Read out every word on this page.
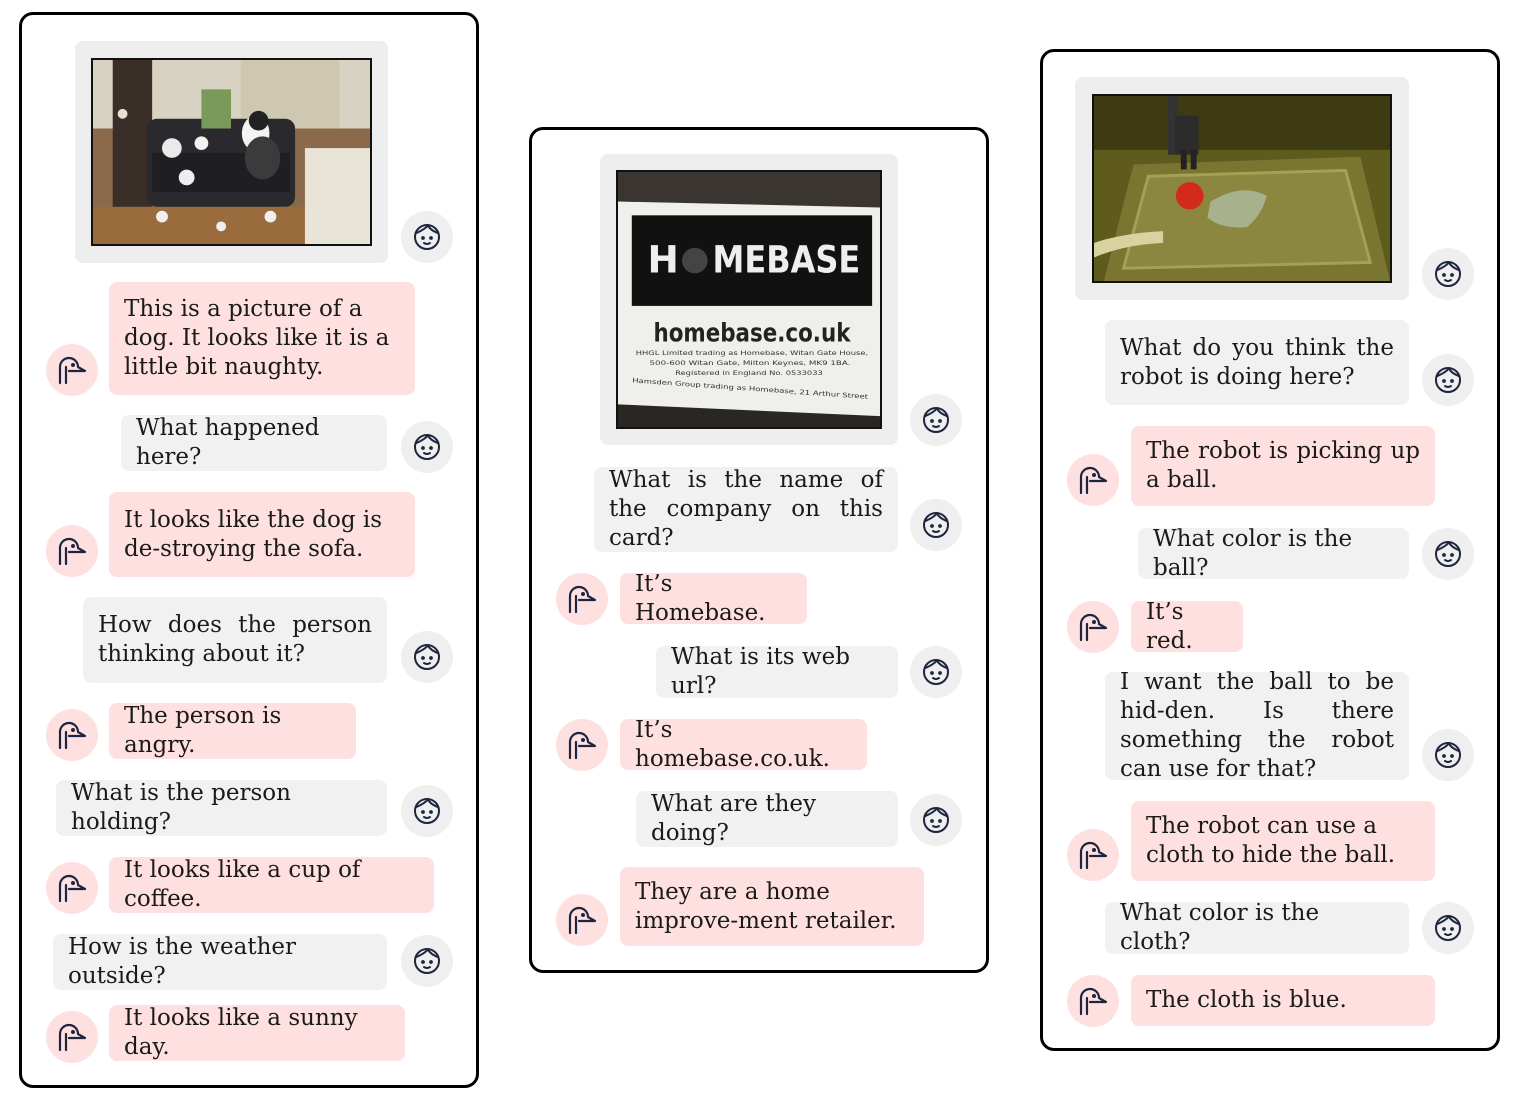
This is a picture of a dog. It looks like it is a little bit naughty.
What happened here?
It looks like the dog is de-stroying the sofa.
How does the person thinking about it?
The person is angry.
What is the person holding?
It looks like a cup of coffee.
How is the weather outside?
It looks like a sunny day.
H MEBASE
homebase.co.uk
HHGL Limited trading as Homebase, Witan Gate House,
500-600 Witan Gate, Milton Keynes, MK9 1BA.
Registered in England No. 0533033
Hamsden Group trading as Homebase, 21 Arthur Street
What is the name of the company on this card?
It’s Homebase.
What is its web url?
It’s homebase.co.uk.
What are they doing?
They are a home improve-ment retailer.
What do you think the robot is doing here?
The robot is picking up a ball.
What color is the ball?
It’s red.
I want the ball to be hid-den. Is there something the robot can use for that?
The robot can use a cloth to hide the ball.
What color is the cloth?
The cloth is blue.
